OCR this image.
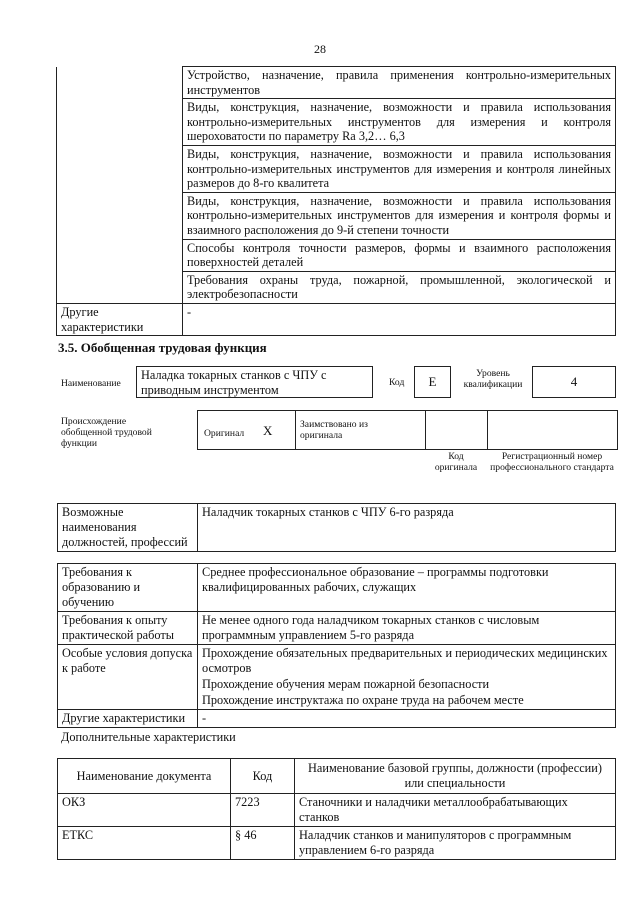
28
	Устройство, назначение, правила применения контрольно-измерительных инструментов
	Виды, конструкция, назначение, возможности и правила использования контрольно-измерительных инструментов для измерения и контроля шероховатости по параметру Ra 3,2… 6,3
	Виды, конструкция, назначение, возможности и правила использования контрольно-измерительных инструментов для измерения и контроля линейных размеров до 8-го квалитета
	Виды, конструкция, назначение, возможности и правила использования контрольно-измерительных инструментов для измерения и контроля формы и взаимного расположения до 9-й степени точности
	Способы контроля точности размеров, формы и взаимного расположения поверхностей деталей
	Требования охраны труда, пожарной, промышленной, экологической и электробезопасности
Другие характеристики	-
3.5. Обобщенная трудовая функция
Наименование
Наладка токарных станков с ЧПУ с приводным инструментом
Код	E
Уровень квалификации	4
Происхождение обобщенной трудовой функции
Оригинал X	Заимствовано из оригинала
Код оригинала
Регистрационный номер профессионального стандарта
Возможные наименования должностей, профессий	Наладчик токарных станков с ЧПУ 6-го разряда
Требования к образованию и обучению	Среднее профессиональное образование – программы подготовки квалифицированных рабочих, служащих
Требования к опыту практической работы	Не менее одного года наладчиком токарных станков с числовым программным управлением 5-го разряда
Особые условия допуска к работе	Прохождение обязательных предварительных и периодических медицинских осмотров
	Прохождение обучения мерам пожарной безопасности
	Прохождение инструктажа по охране труда на рабочем месте
Другие характеристики	-
Дополнительные характеристики
Наименование документа	Код	Наименование базовой группы, должности (профессии) или специальности
ОКЗ	7223	Станочники и наладчики металлообрабатывающих станков
ЕТКС	§ 46	Наладчик станков и манипуляторов с программным управлением 6-го разряда
